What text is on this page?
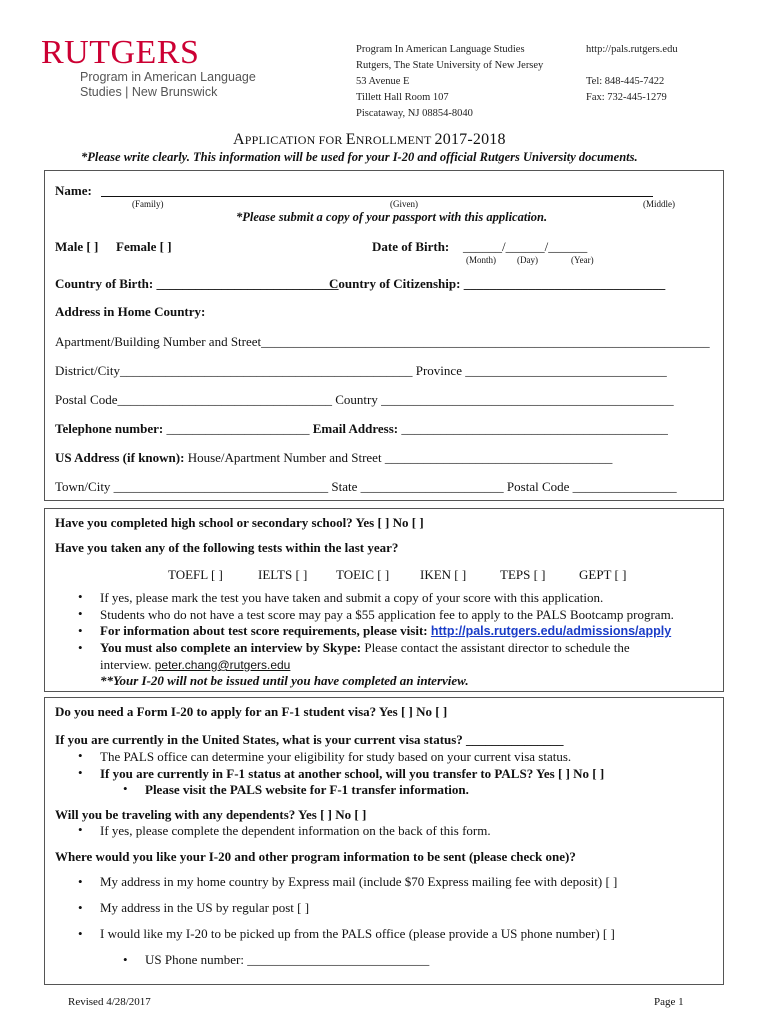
RUTGERS
Program in American Language
Studies | New Brunswick
Program In American Language Studies
Rutgers, The State University of New Jersey
53 Avenue E
Tillett Hall Room 107
Piscataway, NJ 08854-8040
http://pals.rutgers.edu

Tel: 848-445-7422
Fax: 732-445-1279
APPLICATION FOR ENROLLMENT 2017-2018
*Please write clearly. This information will be used for your I-20 and official Rutgers University documents.
Name:
(Family)	(Given)	(Middle)
*Please submit a copy of your passport with this application.
Male [ ] Female [ ]	Date of Birth: ______/______/______
(Month) (Day)	(Year)
Country of Birth: ____________________________
Country of Citizenship: _______________________________
Address in Home Country:
Apartment/Building Number and Street_____________________________________________________________________
District/City_____________________________________________ Province _______________________________
Postal Code_________________________________ Country _____________________________________________
Telephone number: ______________________ Email Address: _________________________________________
US Address (if known): House/Apartment Number and Street ___________________________________
Town/City _________________________________ State ______________________ Postal Code ________________
Have you completed high school or secondary school? Yes [ ] No [ ]
Have you taken any of the following tests within the last year?
TOEFL [ ]	IELTS [ ] TOEIC [ ] IKEN [ ]	TEPS [ ]	GEPT [ ]
• If yes, please mark the test you have taken and submit a copy of your score with this application.
• Students who do not have a test score may pay a $55 application fee to apply to the PALS Bootcamp program.
• For information about test score requirements, please visit: http://pals.rutgers.edu/admissions/apply
• You must also complete an interview by Skype: Please contact the assistant director to schedule the
interview. peter.chang@rutgers.edu
**Your I-20 will not be issued until you have completed an interview.
Do you need a Form I-20 to apply for an F-1 student visa? Yes [ ] No [ ]
If you are currently in the United States, what is your current visa status? _______________
• The PALS office can determine your eligibility for study based on your current visa status.
• If you are currently in F-1 status at another school, will you transfer to PALS? Yes [ ] No [ ]
• Please visit the PALS website for F-1 transfer information.
Will you be traveling with any dependents? Yes [ ] No [ ]
• If yes, please complete the dependent information on the back of this form.
Where would you like your I-20 and other program information to be sent (please check one)?
• My address in my home country by Express mail (include $70 Express mailing fee with deposit) [ ]
• My address in the US by regular post [ ]
• I would like my I-20 to be picked up from the PALS office (please provide a US phone number) [ ]
• US Phone number: ____________________________
Revised 4/28/2017	Page 1
